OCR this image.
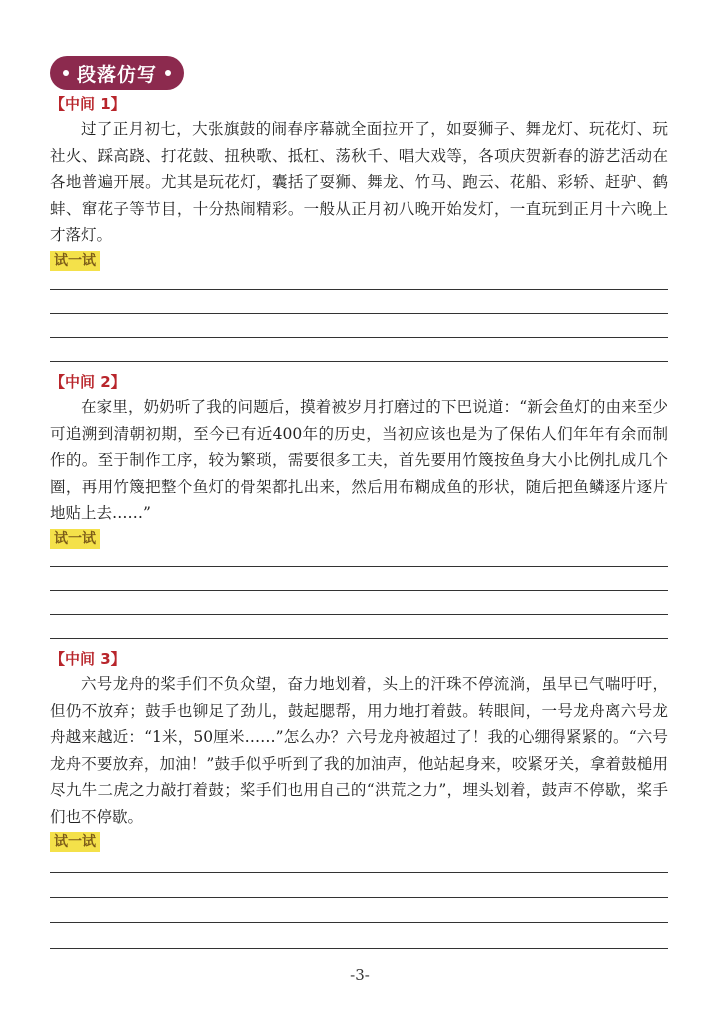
段落仿写
【中间 1】

过了正月初七，大张旗鼓的闹春序幕就全面拉开了，如耍狮子、舞龙灯、玩花灯、玩社火、踩高跷、打花鼓、扭秧歌、抵杠、荡秋千、唱大戏等，各项庆贺新春的游艺活动在各地普遍开展。尤其是玩花灯，囊括了耍狮、舞龙、竹马、跑云、花船、彩轿、赶驴、鹤蚌、窜花子等节目，十分热闹精彩。一般从正月初八晚开始发灯，一直玩到正月十六晚上才落灯。

试一试
【中间 2】

在家里，奶奶听了我的问题后，摸着被岁月打磨过的下巴说道：“新会鱼灯的由来至少可追溯到清朝初期，至今已有近400年的历史，当初应该也是为了保佑人们年年有余而制作的。至于制作工序，较为繁琐，需要很多工夫，首先要用竹篾按鱼身大小比例扎成几个圈，再用竹篾把整个鱼灯的骨架都扎出来，然后用布糊成鱼的形状，随后把鱼鳞逐片逐片地贴上去……”

试一试
【中间 3】

六号龙舟的桨手们不负众望，奋力地划着，头上的汗珠不停流淌，虽早已气喘吁吁，但仍不放弃；鼓手也铆足了劲儿，鼓起腮帮，用力地打着鼓。转眼间，一号龙舟离六号龙舟越来越近：“1米，50厘米……”怎么办？六号龙舟被超过了！我的心绷得紧紧的。“六号龙舟不要放弃，加油！”鼓手似乎听到了我的加油声，他站起身来，咬紧牙关，拿着鼓槌用尽九牛二虎之力敲打着鼓；桨手们也用自己的“洪荒之力”，埋头划着，鼓声不停歇，桨手们也不停歇。

试一试
-3-
